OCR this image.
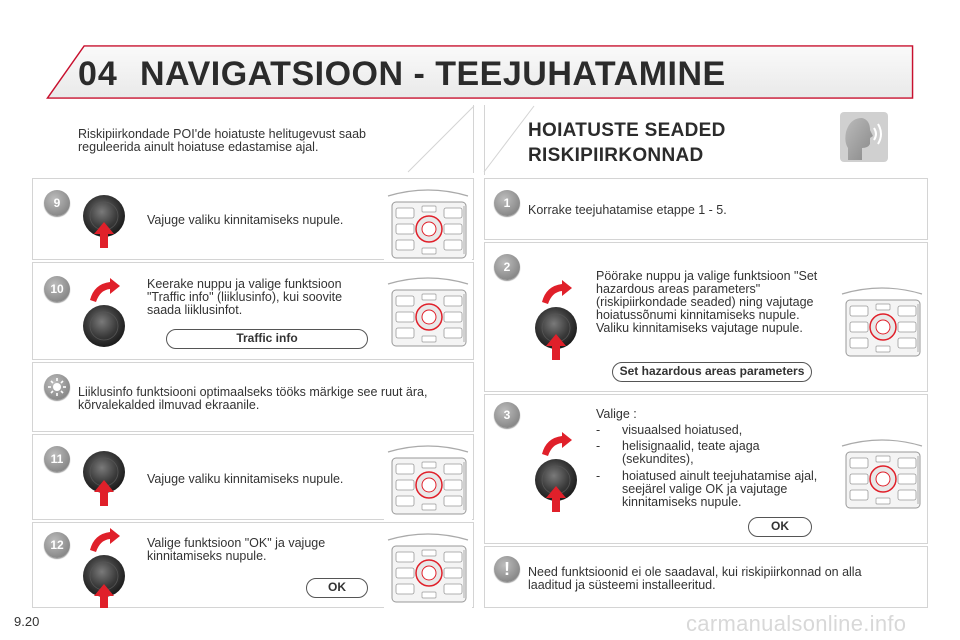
04 NAVIGATSIOON - TEEJUHATAMINE
Riskipiirkondade POI'de hoiatuste helitugevust saab reguleerida ainult hoiatuse edastamise ajal.
9
Vajuge valiku kinnitamiseks nupule.
10	Keerake nuppu ja valige funktsioon "Traffic info" (liiklusinfo), kui soovite saada liiklusinfot.
Traffic info
Liiklusinfo funktsiooni optimaalseks tööks märkige see ruut ära, kõrvalekalded ilmuvad ekraanile.
11
Vajuge valiku kinnitamiseks nupule.
12	Valige funktsioon "OK" ja vajuge kinnitamiseks nupule.
OK
HOIATUSTE SEADED
RISKIPIIRKONNAD
1	Korrake teejuhatamise etappe 1 - 5.
2
Pöörake nuppu ja valige funktsioon "Set hazardous areas parameters" (riskipiirkondade seaded) ning vajutage hoiatussõnumi kinnitamiseks nupule. Valiku kinnitamiseks vajutage nupule.
Set hazardous areas parameters
3	Valige :
- visuaalsed hoiatused,
- helisignaalid, teate ajaga (sekundites),
- hoiatused ainult teejuhatamise ajal, seejärel valige OK ja vajutage kinnitamiseks nupule.
OK
!	Need funktsioonid ei ole saadaval, kui riskipiirkonnad on alla laaditud ja süsteemi installeeritud.
9.20	carmanualsonline.info
